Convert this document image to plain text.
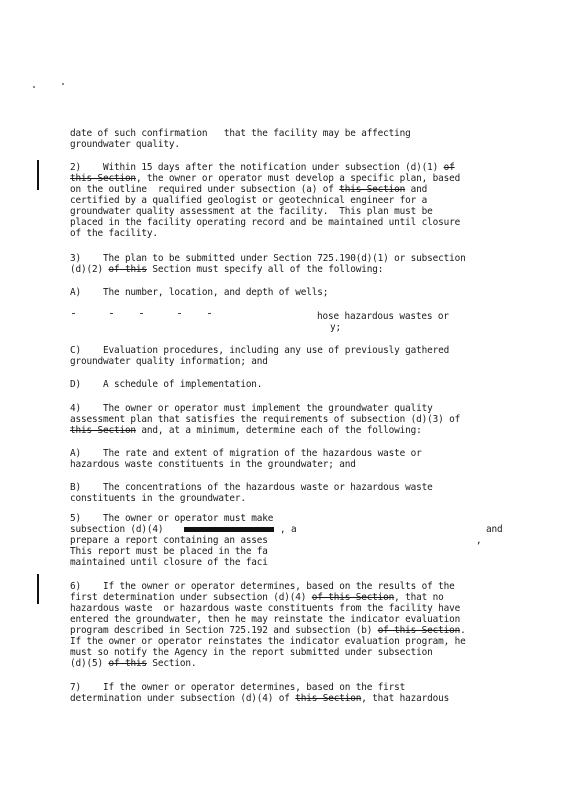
date of such confirmation   that the facility may be affecting
groundwater quality.
2)    Within 15 days after the notification under subsection (d)(1) of
this Section, the owner or operator must develop a specific plan, based
on the outline  required under subsection (a) of this Section and
certified by a qualified geologist or geotechnical engineer for a
groundwater quality assessment at the facility.  This plan must be
placed in the facility operating record and be maintained until closure
of the facility.
3)    The plan to be submitted under Section 725.190(d)(1) or subsection
(d)(2) of this Section must specify all of the following:
A)    The number, location, and depth of wells;
hose hazardous wastes or
y;
C)    Evaluation procedures, including any use of previously gathered
groundwater quality information; and
D)    A schedule of implementation.
4)    The owner or operator must implement the groundwater quality
assessment plan that satisfies the requirements of subsection (d)(3) of
this Section and, at a minimum, determine each of the following:
A)    The rate and extent of migration of the hazardous waste or
hazardous waste constituents in the groundwater; and
B)    The concentrations of the hazardous waste or hazardous waste
constituents in the groundwater.
5)    The owner or operator must make
subsection (d)(4)	, a	and
prepare a report containing an asses	,
This report must be placed in the fa
maintained until closure of the faci
6)    If the owner or operator determines, based on the results of the
first determination under subsection (d)(4) of this Section, that no
hazardous waste  or hazardous waste constituents from the facility have
entered the groundwater, then he may reinstate the indicator evaluation
program described in Section 725.192 and subsection (b) of this Section.
If the owner or operator reinstates the indicator evaluation program, he
must so notify the Agency in the report submitted under subsection
(d)(5) of this Section.
7)    If the owner or operator determines, based on the first
determination under subsection (d)(4) of this Section, that hazardous
